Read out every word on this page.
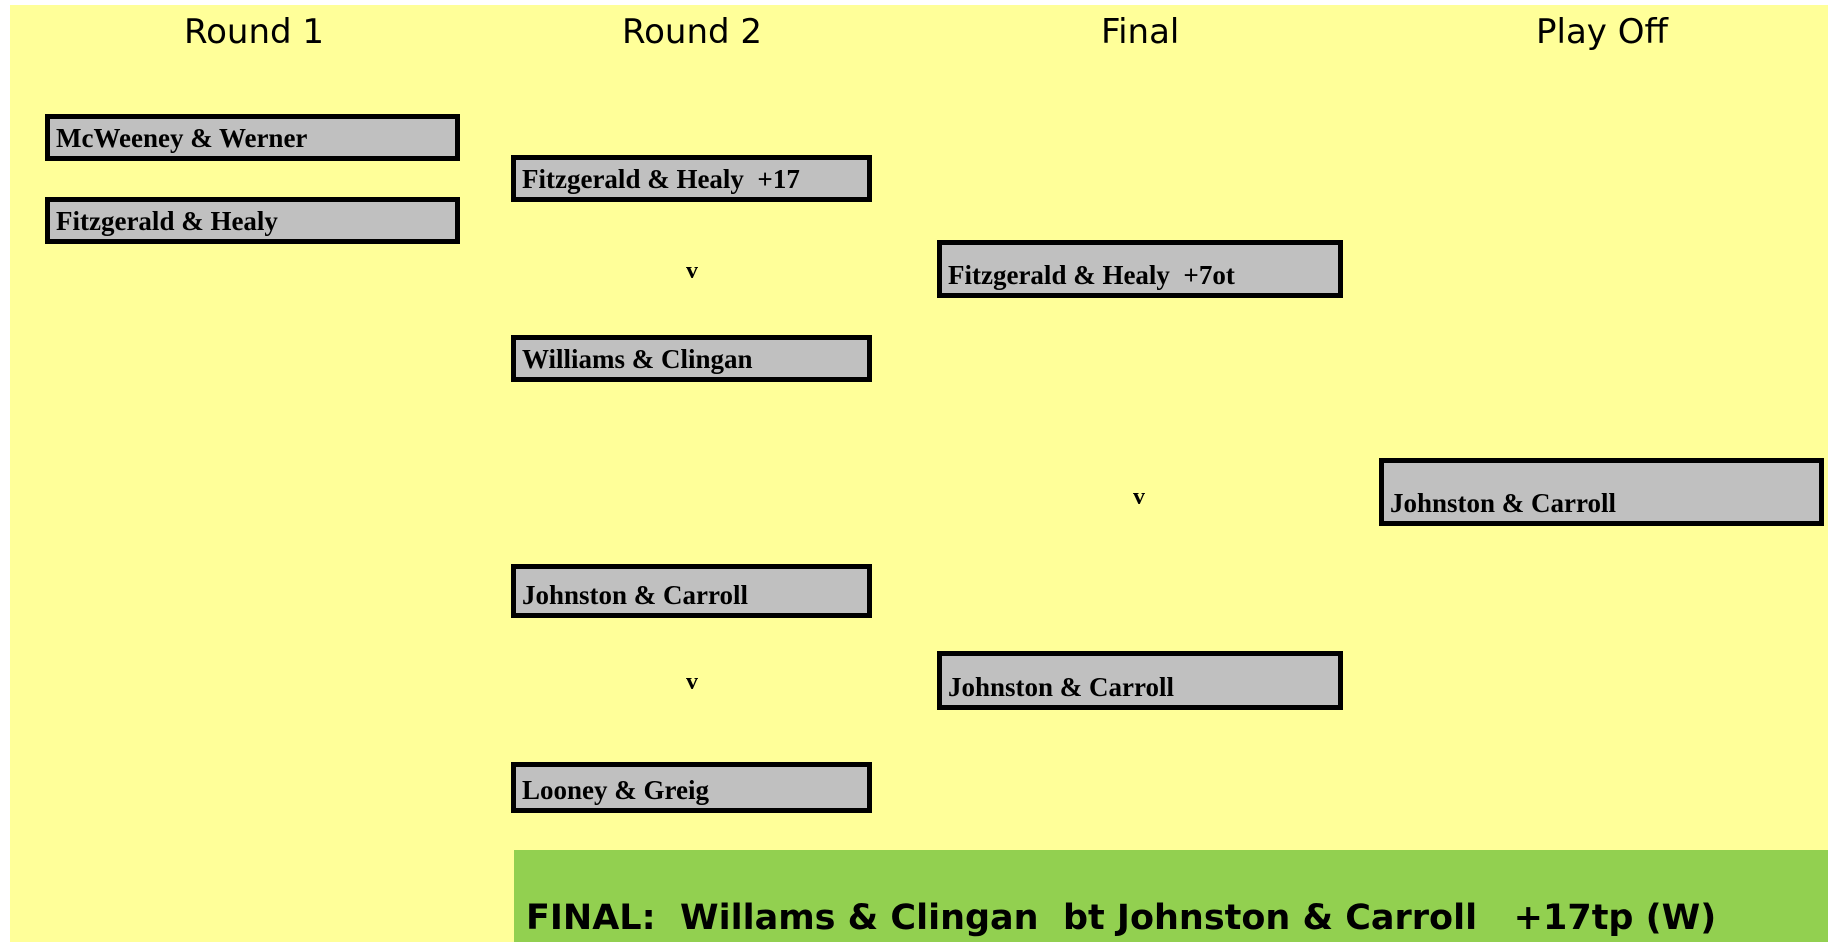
Round 1	Round 2	Final	Play Off

McWeeney & Werner

Fitzgerald & Healy

Fitzgerald & Healy  +17

v

Williams & Clingan

Johnston & Carroll

v

Looney & Greig

Fitzgerald & Healy  +7ot

v

Johnston & Carroll

Johnston & Carroll

FINAL:  Willams & Clingan  bt Johnston & Carroll   +17tp (W)
